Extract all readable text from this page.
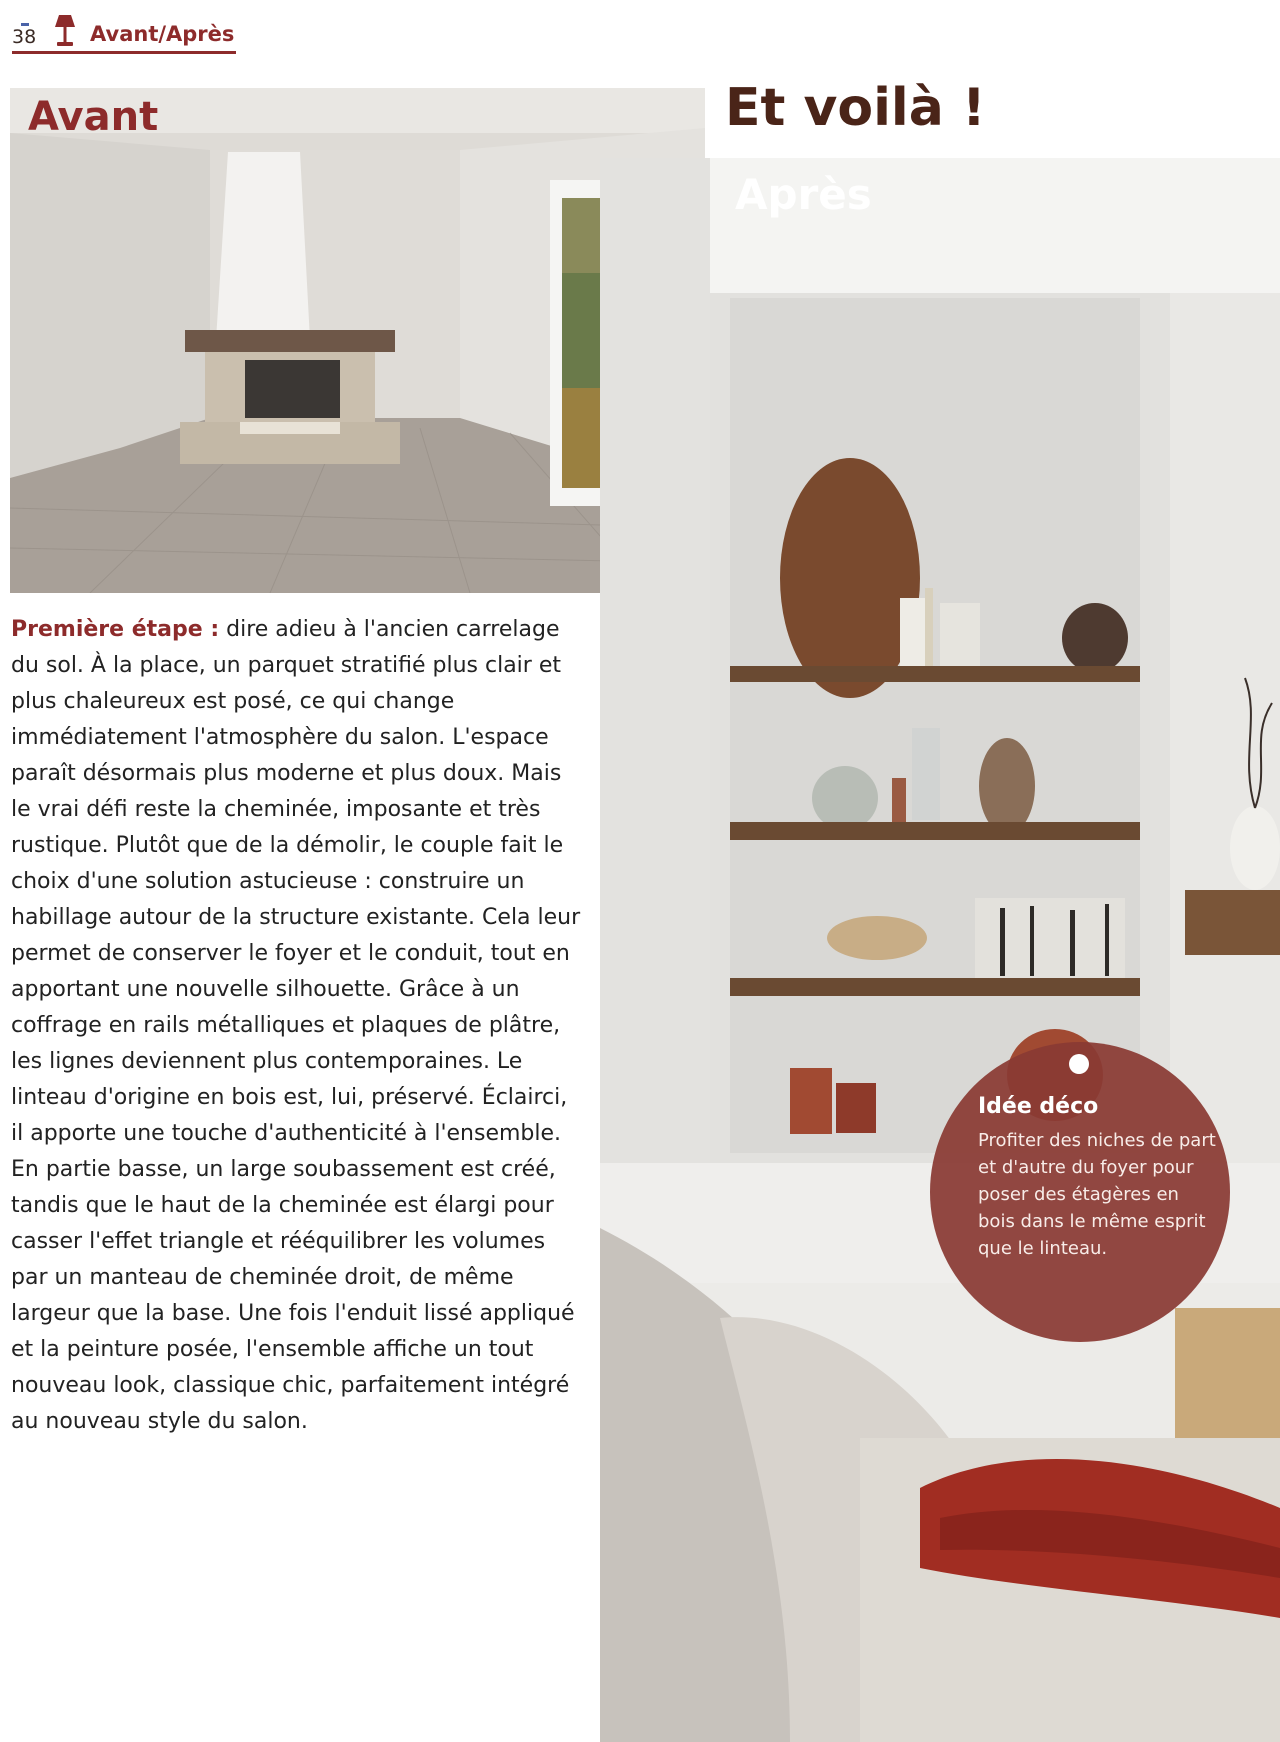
38	Avant/Après
Avant	Et voilà !
Après
Idée déco

Profiter des niches de part et d'autre du foyer pour poser des étagères en bois dans le même esprit que le linteau.

Première étape : dire adieu à l'ancien carrelage du sol. À la place, un parquet stratifié plus clair et plus chaleureux est posé, ce qui change immédiatement l'atmosphère du salon. L'espace paraît désormais plus moderne et plus doux. Mais le vrai défi reste la cheminée, imposante et très rustique. Plutôt que de la démolir, le couple fait le choix d'une solution astucieuse : construire un habillage autour de la structure existante. Cela leur permet de conserver le foyer et le conduit, tout en apportant une nouvelle silhouette. Grâce à un coffrage en rails métalliques et plaques de plâtre, les lignes deviennent plus contemporaines. Le linteau d'origine en bois est, lui, préservé. Éclairci, il apporte une touche d'authenticité à l'ensemble. En partie basse, un large soubassement est créé, tandis que le haut de la cheminée est élargi pour casser l'effet triangle et rééquilibrer les volumes par un manteau de cheminée droit, de même largeur que la base. Une fois l'enduit lissé appliqué et la peinture posée, l'ensemble affiche un tout nouveau look, classique chic, parfaitement intégré au nouveau style du salon.
